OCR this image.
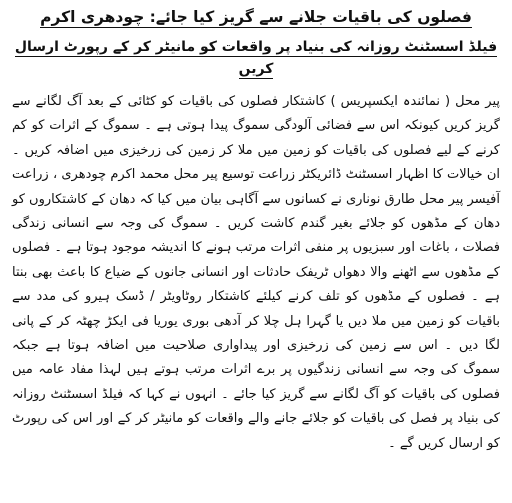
فصلوں کی باقیات جلانے سے گریز کیا جائے: چودھری اکرم
فیلڈ اسسٹنٹ روزانہ کی بنیاد پر واقعات کو مانیٹر کر کے رپورٹ ارسال کریں

پیر محل ( نمائندہ ایکسپریس ) کاشتکار فصلوں کی باقیات کو کٹائی کے بعد آگ لگانے سے گریز کریں کیونکہ اس سے فضائی آلودگی سموگ پیدا ہوتی ہے ۔ سموگ کے اثرات کو کم کرنے کے لیے فصلوں کی باقیات کو زمین میں ملا کر زمین کی زرخیزی میں اضافہ کریں ۔ ان خیالات کا اظہار اسسٹنٹ ڈائریکٹر زراعت توسیع پیر محل محمد اکرم چودھری ، زراعت آفیسر پیر محل طارق نوناری نے کسانوں سے آگاہی بیان میں کیا کہ دھان کے کاشتکاروں کو دھان کے مڈھوں کو جلائے بغیر گندم کاشت کریں ۔ سموگ کی وجہ سے انسانی زندگی فصلات ، باغات اور سبزیوں پر منفی اثرات مرتب ہونے کا اندیشہ موجود ہوتا ہے ۔ فصلوں کے مڈھوں سے اٹھنے والا دھواں ٹریفک حادثات اور انسانی جانوں کے ضیاع کا باعث بھی بنتا ہے ۔ فصلوں کے مڈھوں کو تلف کرنے کیلئے کاشتکار روٹاویٹر / ڈسک ہیرو کی مدد سے باقیات کو زمین میں ملا دیں یا گہرا ہل چلا کر آدھی بوری یوریا فی ایکڑ چھٹہ کر کے پانی لگا دیں ۔ اس سے زمین کی زرخیزی اور پیداواری صلاحیت میں اضافہ ہوتا ہے جبکہ سموگ کی وجہ سے انسانی زندگیوں پر برے اثرات مرتب ہوتے ہیں لہذا مفاد عامہ میں فصلوں کی باقیات کو آگ لگانے سے گریز کیا جائے ۔ انہوں نے کہا کہ فیلڈ اسسٹنٹ روزانہ کی بنیاد پر فصل کی باقیات کو جلائے جانے والے واقعات کو مانیٹر کر کے اور اس کی رپورٹ کو ارسال کریں گے ۔
